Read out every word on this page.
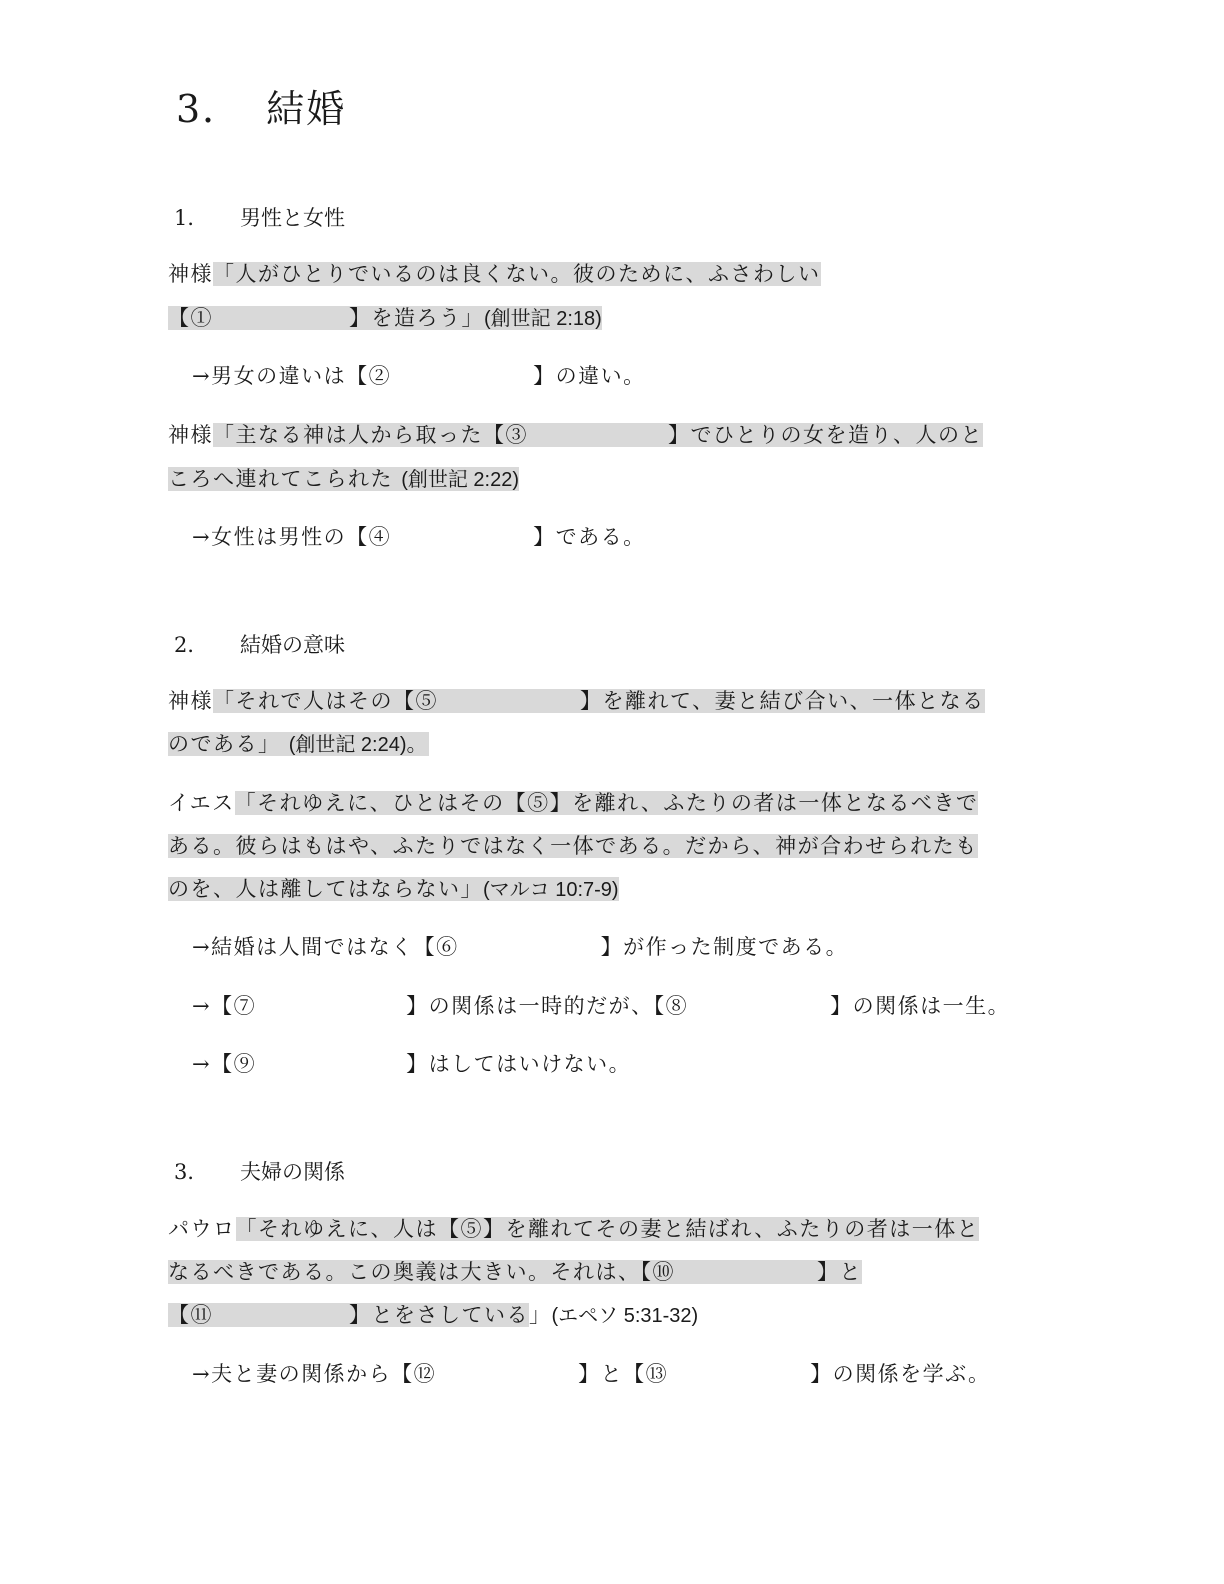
3． 結婚
1． 男性と女性
神様「人がひとりでいるのは良くない。彼のために、ふさわしい
【①	】を造ろう」(創世記 2:18)
→男女の違いは【②	】の違い。
神様「主なる神は人から取った【③	】でひとりの女を造り、人のと
ころへ連れてこられた (創世記 2:22)
→女性は男性の【④	】である。
2． 結婚の意味
神様「それで人はその【⑤	】を離れて、妻と結び合い、一体となる
のである」 (創世記 2:24)。
イエス「それゆえに、ひとはその【⑤】を離れ、ふたりの者は一体となるべきで
ある。彼らはもはや、ふたりではなく一体である。だから、神が合わせられたも
のを、人は離してはならない」(マルコ 10:7-9)
→結婚は人間ではなく【⑥	】が作った制度である。
→【⑦	】の関係は一時的だが、【⑧	】の関係は一生。
→【⑨	】はしてはいけない。
3． 夫婦の関係
パウロ「それゆえに、人は【⑤】を離れてその妻と結ばれ、ふたりの者は一体と
なるべきである。この奥義は大きい。それは、【⑩	】と
【⑪	】とをさしている」(エペソ 5:31-32)
→夫と妻の関係から【⑫	】と【⑬	】の関係を学ぶ。
